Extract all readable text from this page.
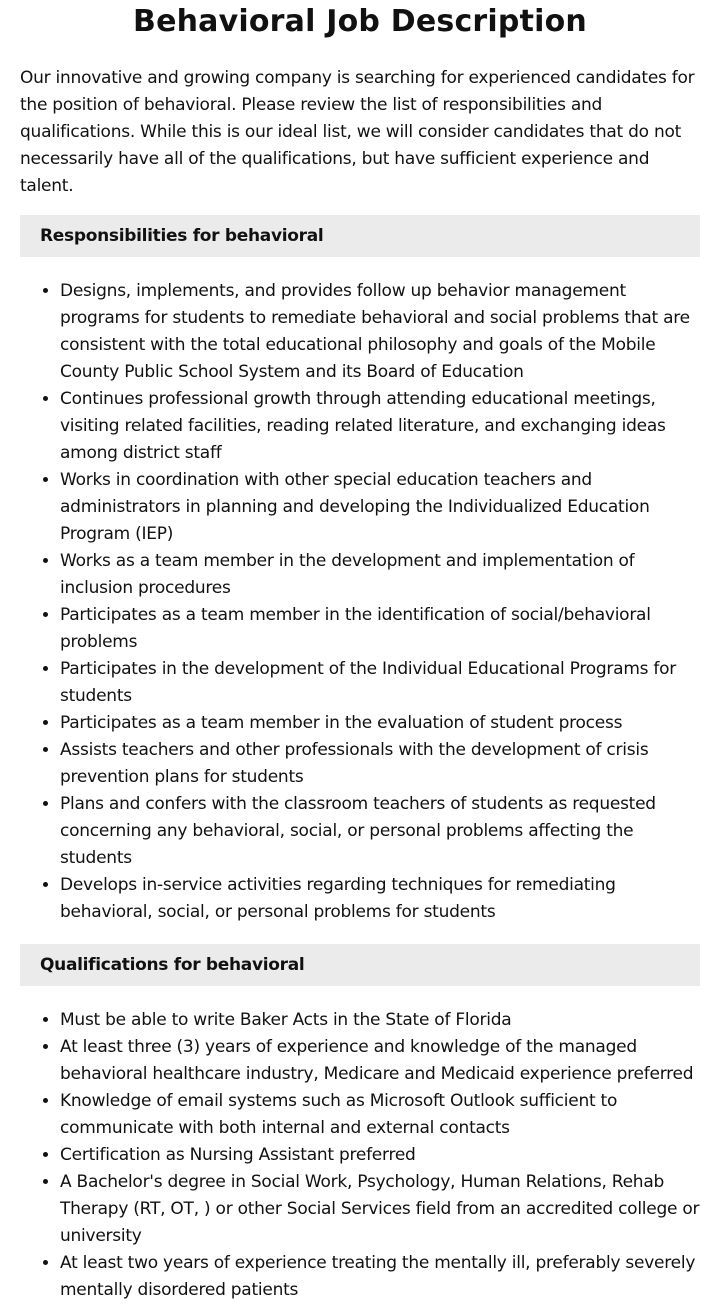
Behavioral Job Description

Our innovative and growing company is searching for experienced candidates for the position of behavioral. Please review the list of responsibilities and qualifications. While this is our ideal list, we will consider candidates that do not necessarily have all of the qualifications, but have sufficient experience and talent.

Responsibilities for behavioral
• Designs, implements, and provides follow up behavior management programs for students to remediate behavioral and social problems that are consistent with the total educational philosophy and goals of the Mobile County Public School System and its Board of Education
• Continues professional growth through attending educational meetings, visiting related facilities, reading related literature, and exchanging ideas among district staff
• Works in coordination with other special education teachers and administrators in planning and developing the Individualized Education Program (IEP)
• Works as a team member in the development and implementation of inclusion procedures
• Participates as a team member in the identification of social/behavioral problems
• Participates in the development of the Individual Educational Programs for students
• Participates as a team member in the evaluation of student process
• Assists teachers and other professionals with the development of crisis prevention plans for students
• Plans and confers with the classroom teachers of students as requested concerning any behavioral, social, or personal problems affecting the students
• Develops in-service activities regarding techniques for remediating behavioral, social, or personal problems for students
Qualifications for behavioral
• Must be able to write Baker Acts in the State of Florida
• At least three (3) years of experience and knowledge of the managed behavioral healthcare industry, Medicare and Medicaid experience preferred
• Knowledge of email systems such as Microsoft Outlook sufficient to communicate with both internal and external contacts
• Certification as Nursing Assistant preferred
• A Bachelor's degree in Social Work, Psychology, Human Relations, Rehab Therapy (RT, OT, ) or other Social Services field from an accredited college or university
• At least two years of experience treating the mentally ill, preferably severely mentally disordered patients
